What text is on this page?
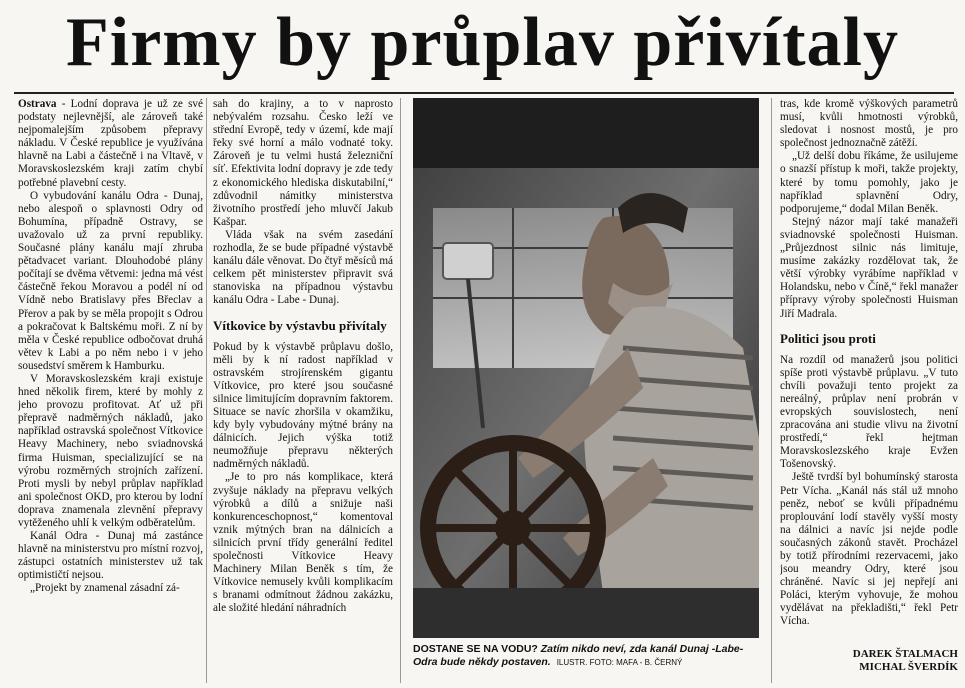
Firmy by průplav přivítaly

Ostrava - Lodní doprava je už ze své podstaty nejlevnější, ale zároveň také nejpomalejším způsobem přepravy nákladu. V České republice je využívána hlavně na Labi a částečně i na Vltavě, v Moravskoslezském kraji zatím chybí potřebné plavební cesty.

O vybudování kanálu Odra - Dunaj, nebo alespoň o splavnosti Odry od Bohumína, případně Ostravy, se uvažovalo už za první republiky. Současné plány kanálu mají zhruba pětadvacet variant. Dlouhodobé plány počítají se dvěma větvemi: jedna má vést částečně řekou Moravou a podél ní od Vídně nebo Bratislavy přes Břeclav a Přerov a pak by se měla propojit s Odrou a pokračovat k Baltskému moři. Z ní by měla v České republice odbočovat druhá větev k Labi a po něm nebo i v jeho sousedství směrem k Hamburku.

V Moravskoslezském kraji existuje hned několik firem, které by mohly z jeho provozu profitovat. Ať už při přepravě nadměrných nákladů, jako například ostravská společnost Vítkovice Heavy Machinery, nebo sviadnovská firma Huisman, specializující se na výrobu rozměrných strojních zařízení. Proti mysli by nebyl průplav například ani společnost OKD, pro kterou by lodní doprava znamenala zlevnění přepravy vytěženého uhlí k velkým odběratelům.

Kanál Odra - Dunaj má zastánce hlavně na ministerstvu pro místní rozvoj, zástupci ostatních ministerstev už tak optimističtí nejsou.

„Projekt by znamenal zásadní zá-

sah do krajiny, a to v naprosto nebývalém rozsahu. Česko leží ve střední Evropě, tedy v území, kde mají řeky své horní a málo vodnaté toky. Zároveň je tu velmi hustá železniční síť. Efektivita lodní dopravy je zde tedy z ekonomického hlediska diskutabilní,“ zdůvodnil námitky ministerstva životního prostředí jeho mluvčí Jakub Kašpar.

Vláda však na svém zasedání rozhodla, že se bude případné výstavbě kanálu dále věnovat. Do čtyř měsíců má celkem pět ministerstev připravit svá stanoviska na případnou výstavbu kanálu Odra - Labe - Dunaj.

Vítkovice by výstavbu přivítaly

Pokud by k výstavbě průplavu došlo, měli by k ní radost například v ostravském strojírenském gigantu Vítkovice, pro které jsou současné silnice limitujícím dopravním faktorem. Situace se navíc zhoršila v okamžiku, kdy byly vybudovány mýtné brány na dálnicích. Jejich výška totiž neumožňuje přepravu některých nadměrných nákladů.

„Je to pro nás komplikace, která zvyšuje náklady na přepravu velkých výrobků a dílů a snižuje naši konkurenceschopnost,“ komentoval vznik mýtných bran na dálnicích a silnicích první třídy generální ředitel společnosti Vítkovice Heavy Machinery Milan Beněk s tím, že Vítkovice nemusely kvůli komplikacím s branami odmítnout žádnou zakázku, ale složité hledání náhradních

DOSTANE SE NA VODU? Zatím nikdo neví, zda kanál Dunaj -Labe-Odra bude někdy postaven. ILUSTR. FOTO: MAFA - B. ČERNÝ

tras, kde kromě výškových parametrů musí, kvůli hmotnosti výrobků, sledovat i nosnost mostů, je pro společnost jednoznačně zátěží.

„Už delší dobu říkáme, že usilujeme o snazší přístup k moři, takže projekty, které by tomu pomohly, jako je například splavnění Odry, podporujeme,“ dodal Milan Beněk.

Stejný názor mají také manažeři sviadnovské společnosti Huisman. „Průjezdnost silnic nás limituje, musíme zakázky rozdělovat tak, že větší výrobky vyrábíme například v Holandsku, nebo v Číně,“ řekl manažer přípravy výroby společnosti Huisman Jiří Madrala.

Politici jsou proti

Na rozdíl od manažerů jsou politici spíše proti výstavbě průplavu. „V tuto chvíli považuji tento projekt za nereálný, průplav není probrán v evropských souvislostech, není zpracována ani studie vlivu na životní prostředí,“ řekl hejtman Moravskoslezského kraje Evžen Tošenovský.

Ještě tvrdší byl bohumínský starosta Petr Vícha. „Kanál nás stál už mnoho peněz, neboť se kvůli případnému proplouvání lodí stavěly vyšší mosty na dálnici a navíc jsi nejde podle současných zákonů stavět. Procházel by totiž přírodními rezervacemi, jako jsou meandry Odry, které jsou chráněné. Navíc si jej nepřejí ani Poláci, kterým vyhovuje, že mohou vydělávat na překladišti,“ řekl Petr Vícha.

DAREK ŠTALMACH
MICHAL ŠVERDÍK
